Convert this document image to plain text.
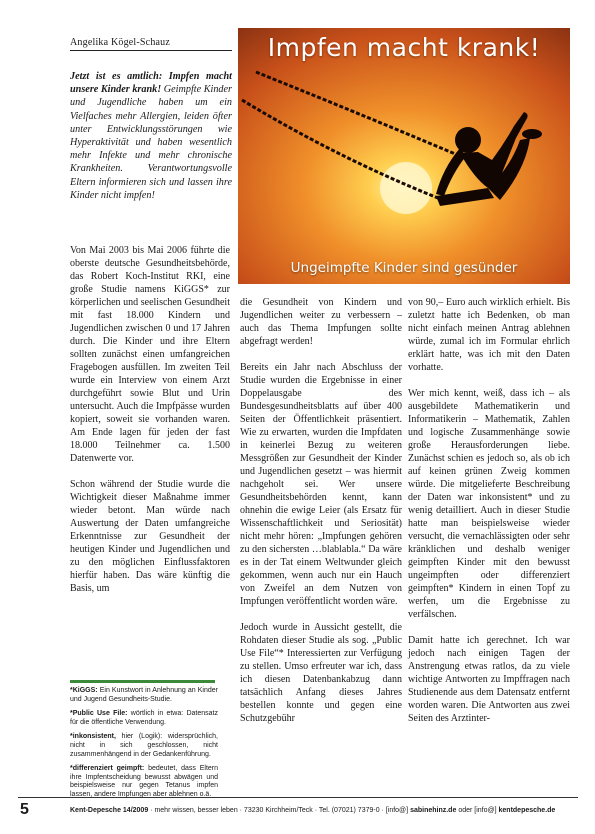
Angelika Kögel-Schauz
Jetzt ist es amtlich: Impfen macht unsere Kinder krank! Geimpfte Kinder und Jugendliche haben um ein Vielfaches mehr Allergien, leiden öfter unter Entwicklungsstörungen wie Hyperaktivität und haben wesentlich mehr Infekte und mehr chronische Krankheiten. Verantwortungsvolle Eltern informieren sich und lassen ihre Kinder nicht impfen!
Impfen macht krank!
Ungeimpfte Kinder sind gesünder

Von Mai 2003 bis Mai 2006 führte die oberste deutsche Gesundheitsbehörde, das Robert Koch-Institut RKI, eine große Studie namens KiGGS* zur körperlichen und seelischen Gesundheit mit fast 18.000 Kindern und Jugendlichen zwischen 0 und 17 Jahren durch. Die Kinder und ihre Eltern sollten zunächst einen umfangreichen Fragebogen ausfüllen. Im zweiten Teil wurde ein Interview von einem Arzt durchgeführt sowie Blut und Urin untersucht. Auch die Impfpässe wurden kopiert, soweit sie vorhanden waren. Am Ende lagen für jeden der fast 18.000 Teilnehmer ca. 1.500 Datenwerte vor.

Schon während der Studie wurde die Wichtigkeit dieser Maßnahme immer wieder betont. Man würde nach Auswertung der Daten umfangreiche Erkenntnisse zur Gesundheit der heutigen Kinder und Jugendlichen und zu den möglichen Einflussfaktoren hierfür haben. Das wäre künftig die Basis, um

die Gesundheit von Kindern und Jugendlichen weiter zu verbessern – auch das Thema Impfungen sollte abgefragt werden!

Bereits ein Jahr nach Abschluss der Studie wurden die Ergebnisse in einer Doppelausgabe des Bundesgesundheitsblatts auf über 400 Seiten der Öffentlichkeit präsentiert. Wie zu erwarten, wurden die Impfdaten in keinerlei Bezug zu weiteren Messgrößen zur Gesundheit der Kinder und Jugendlichen gesetzt – was hiermit nachgeholt sei. Wer unsere Gesundheitsbehörden kennt, kann ohnehin die ewige Leier (als Ersatz für Wissenschaftlichkeit und Seriosität) nicht mehr hören: „Impfungen gehören zu den sichersten …blablabla.“ Da wäre es in der Tat einem Weltwunder gleich gekommen, wenn auch nur ein Hauch von Zweifel an dem Nutzen von Impfungen veröffentlicht worden wäre.

Jedoch wurde in Aussicht gestellt, die Rohdaten dieser Studie als sog. „Public Use File“* Interessierten zur Verfügung zu stellen. Umso erfreuter war ich, dass ich diesen Datenbankabzug dann tatsächlich Anfang dieses Jahres bestellen konnte und gegen eine Schutzgebühr

von 90,– Euro auch wirklich erhielt. Bis zuletzt hatte ich Bedenken, ob man nicht einfach meinen Antrag ablehnen würde, zumal ich im Formular ehrlich erklärt hatte, was ich mit den Daten vorhatte.

Wer mich kennt, weiß, dass ich – als ausgebildete Mathematikerin und Informatikerin – Mathematik, Zahlen und logische Zusammenhänge sowie große Herausforderungen liebe. Zunächst schien es jedoch so, als ob ich auf keinen grünen Zweig kommen würde. Die mitgelieferte Beschreibung der Daten war inkonsistent* und zu wenig detailliert. Auch in dieser Studie hatte man beispielsweise wieder versucht, die vernachlässigten oder sehr kränklichen und deshalb weniger geimpften Kinder mit den bewusst ungeimpften oder differenziert geimpften* Kindern in einen Topf zu werfen, um die Ergebnisse zu verfälschen.

Damit hatte ich gerechnet. Ich war jedoch nach einigen Tagen der Anstrengung etwas ratlos, da zu viele wichtige Antworten zu Impffragen nach Studienende aus dem Datensatz entfernt worden waren. Die Antworten aus zwei Seiten des Arztinter-

*KiGGS: Ein Kunstwort in Anlehnung an Kinder und Jugend Gesundheits-Studie.
*Public Use File: wörtlich in etwa: Datensatz für die öffentliche Verwendung.
*inkonsistent, hier (Logik): widersprüchlich, nicht in sich geschlossen, nicht zusammenhängend in der Gedankenführung.
*differenziert geimpft: bedeutet, dass Eltern ihre Impfentscheidung bewusst abwägen und beispielsweise nur gegen Tetanus impfen lassen, andere Impfungen aber ablehnen o.ä.
5	Kent-Depesche 14/2009 · mehr wissen, besser leben · 73230 Kirchheim/Teck · Tel. (07021) 7379-0 · [info@] sabinehinz.de oder [info@] kentdepesche.de
